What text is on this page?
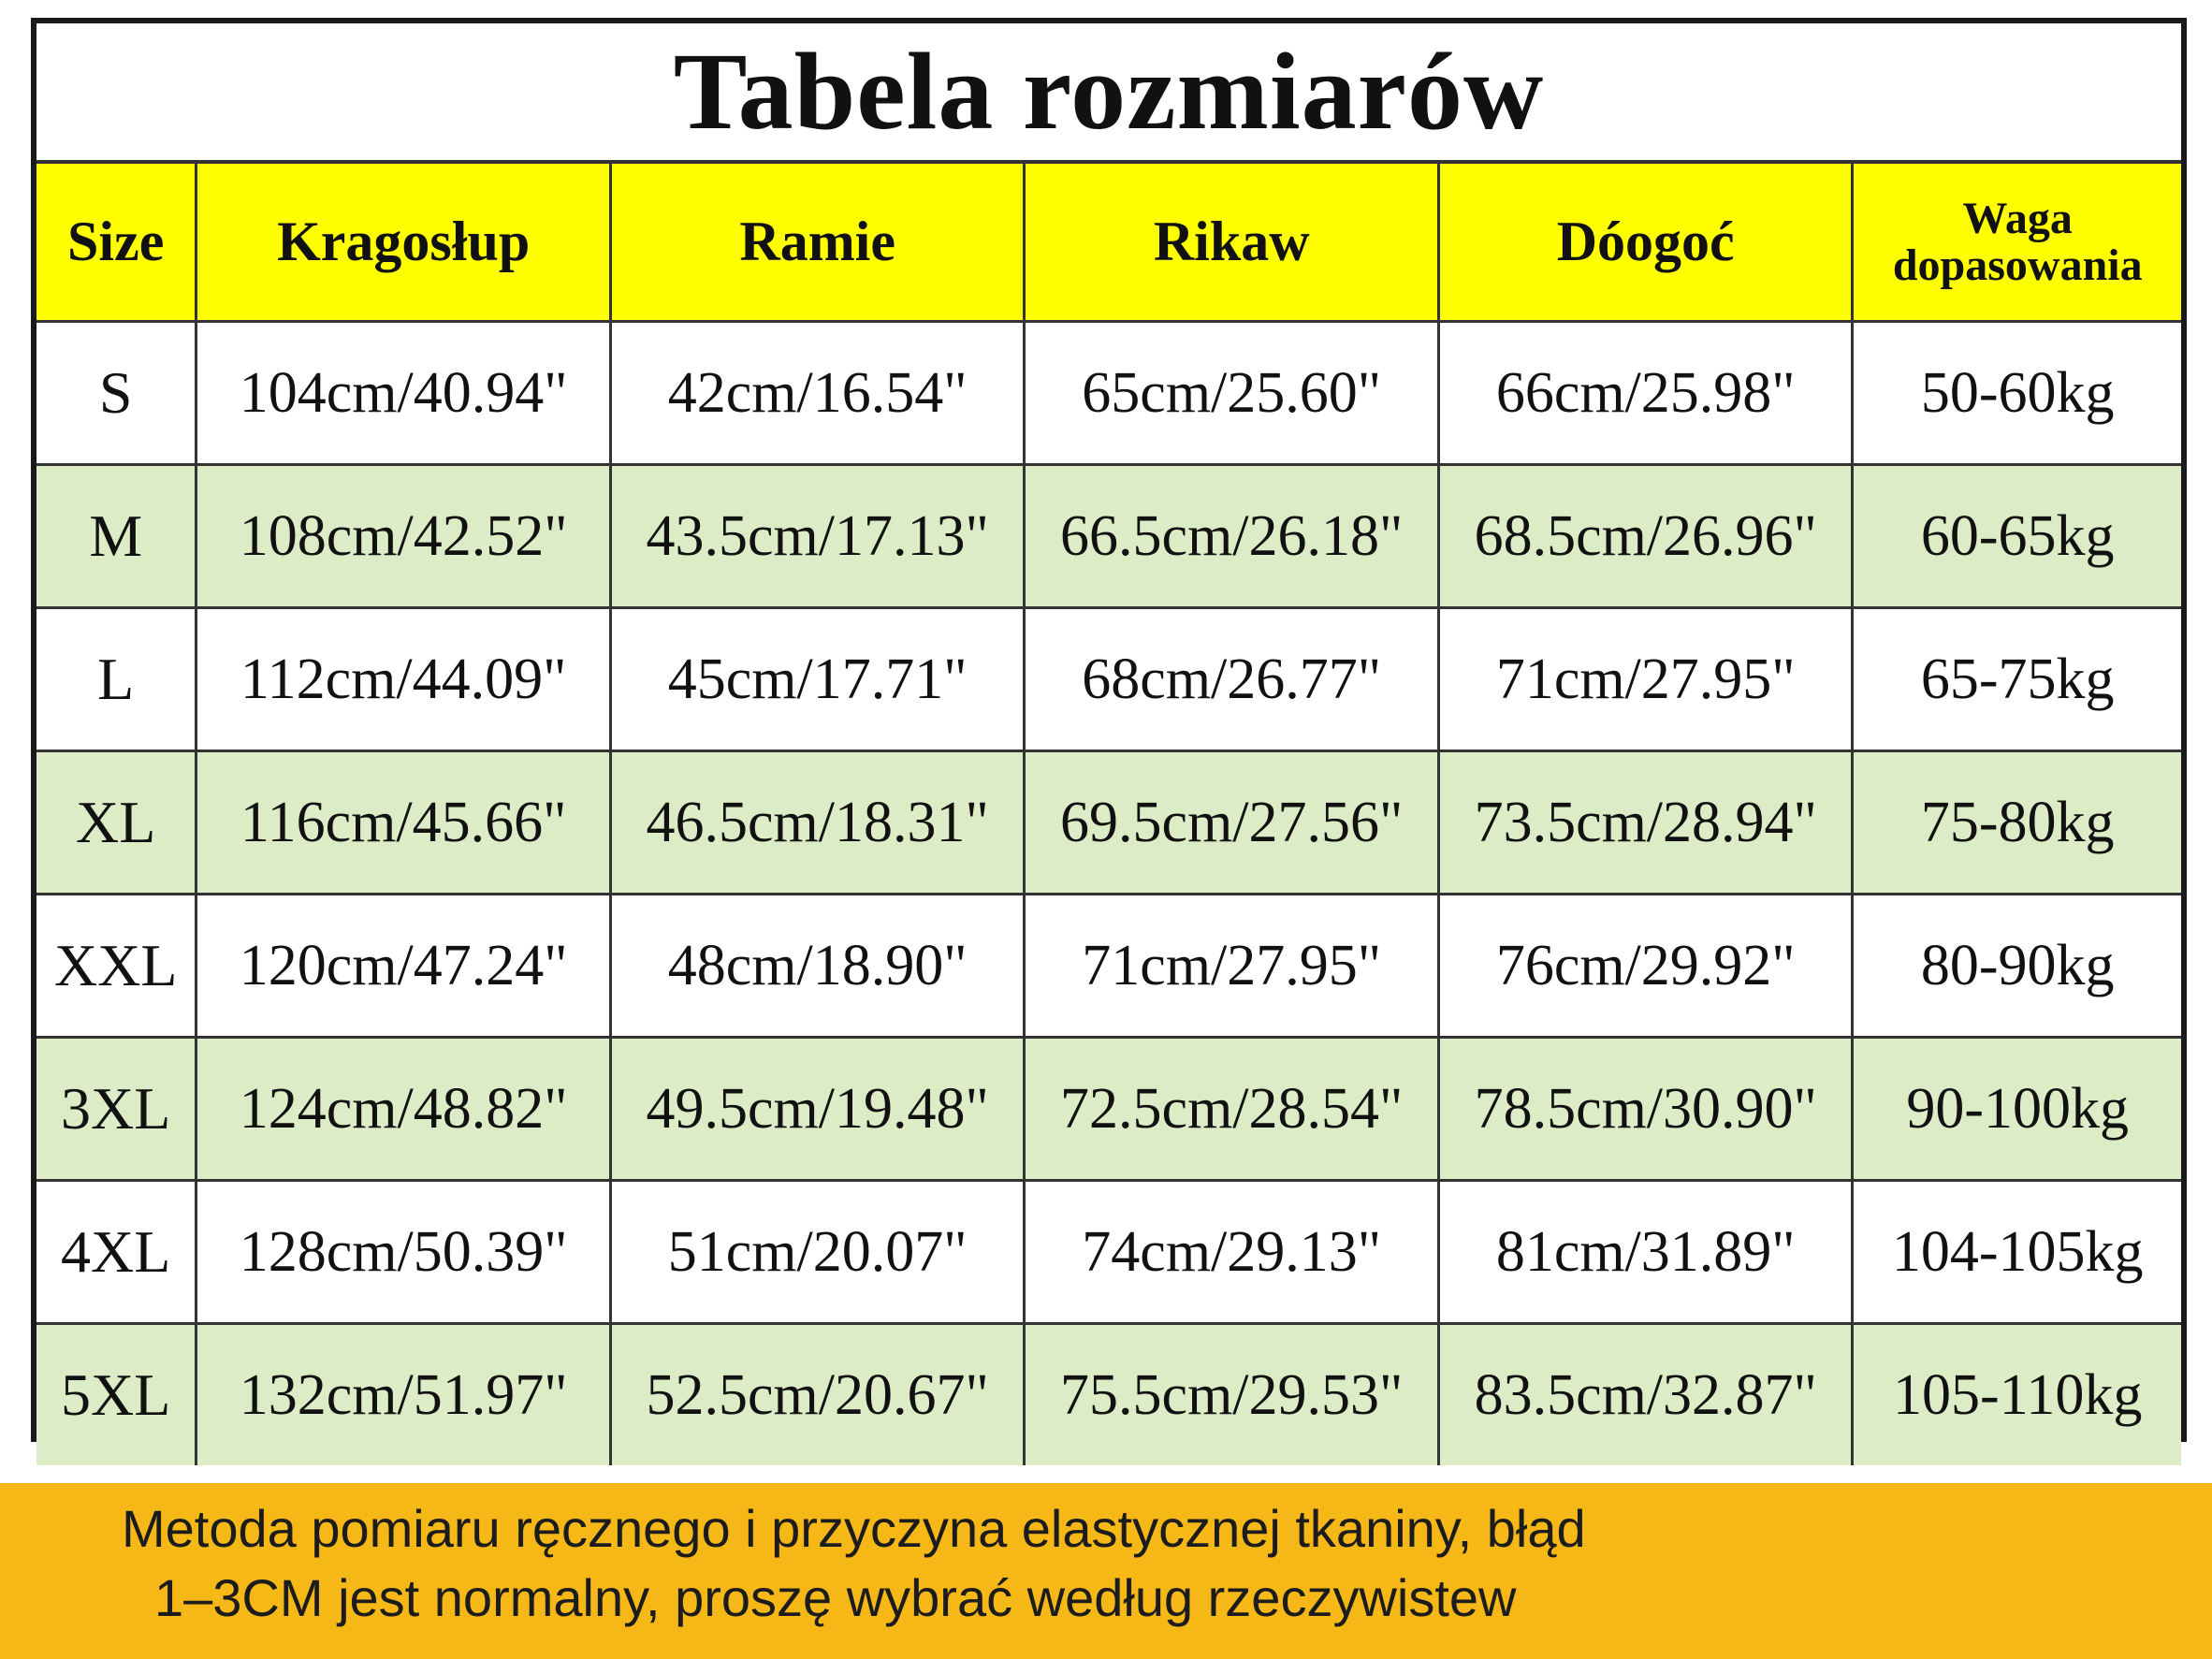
Tabela rozmiarów
Size	Kragosłup	Ramie	Rikaw	Dóogoć	Waga
dopasowania
S	104cm/40.94"	42cm/16.54"	65cm/25.60"	66cm/25.98"	50-60kg
M	108cm/42.52"	43.5cm/17.13"	66.5cm/26.18"	68.5cm/26.96"	60-65kg
L	112cm/44.09"	45cm/17.71"	68cm/26.77"	71cm/27.95"	65-75kg
XL	116cm/45.66"	46.5cm/18.31"	69.5cm/27.56"	73.5cm/28.94"	75-80kg
XXL	120cm/47.24"	48cm/18.90"	71cm/27.95"	76cm/29.92"	80-90kg
3XL	124cm/48.82"	49.5cm/19.48"	72.5cm/28.54"	78.5cm/30.90"	90-100kg
4XL	128cm/50.39"	51cm/20.07"	74cm/29.13"	81cm/31.89"	104-105kg
5XL	132cm/51.97"	52.5cm/20.67"	75.5cm/29.53"	83.5cm/32.87"	105-110kg
Metoda pomiaru ręcznego i przyczyna elastycznej tkaniny, błąd
1–3CM jest normalny, proszę wybrać według rzeczywistew
